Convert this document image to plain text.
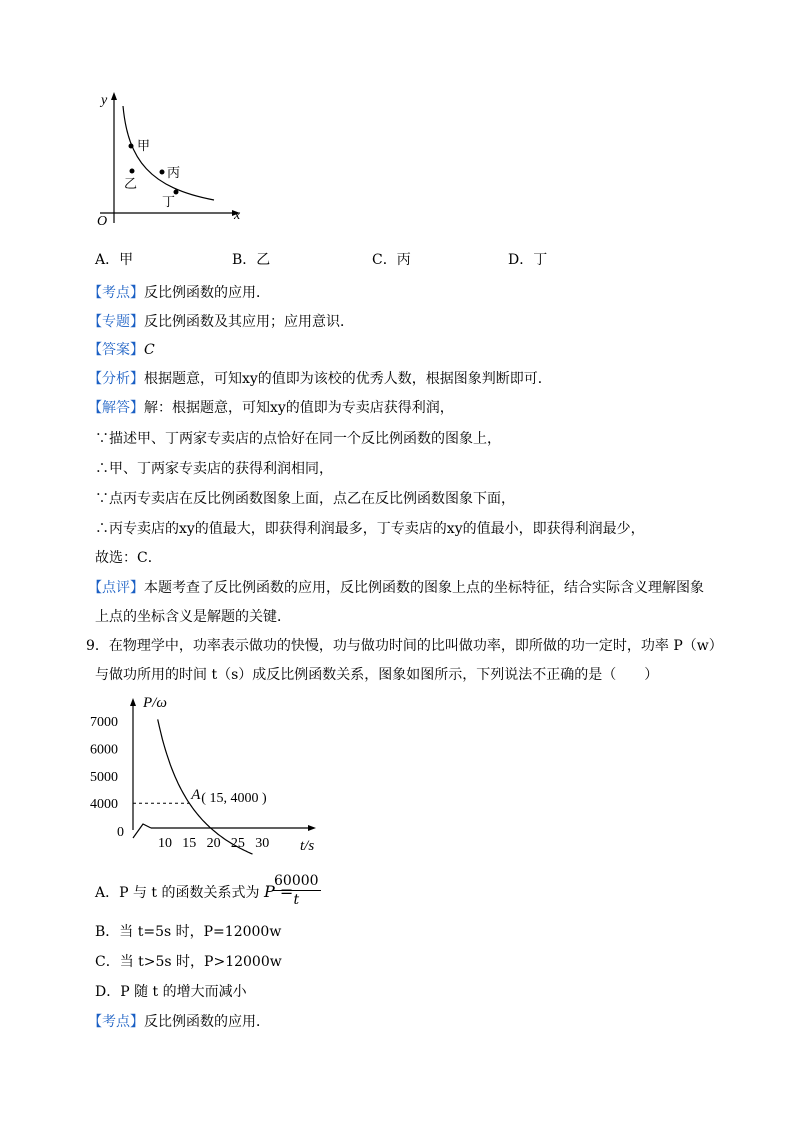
y
x
O
甲
乙
丙
丁
A．甲	B．乙	C．丙	D．丁
【考点】反比例函数的应用．
【专题】反比例函数及其应用；应用意识．
【答案】C
【分析】根据题意，可知xy的值即为该校的优秀人数，根据图象判断即可．
【解答】解：根据题意，可知xy的值即为专卖店获得利润，
∵描述甲、丁两家专卖店的点恰好在同一个反比例函数的图象上，
∴甲、丁两家专卖店的获得利润相同，
∵点丙专卖店在反比例函数图象上面，点乙在反比例函数图象下面，
∴丙专卖店的xy的值最大，即获得利润最多，丁专卖店的xy的值最小，即获得利润最少，
故选：C．
【点评】本题考查了反比例函数的应用，反比例函数的图象上点的坐标特征，结合实际含义理解图象
上点的坐标含义是解题的关键．
9．在物理学中，功率表示做功的快慢，功与做功时间的比叫做功率，即所做的功一定时，功率 P（w）
与做功所用的时间 t（s）成反比例函数关系，图象如图所示，下列说法不正确的是（　　）
P/ω
t/s
0
7000
6000
5000
4000
10 15 20 25 30
A ( 15, 4000 )
A．P 与 t 的函数关系式为 P =
$\frac{60000}{t}$
B．当 t=5s 时，P=12000w
C．当 t>5s 时，P>12000w
D．P 随 t 的增大而减小
【考点】反比例函数的应用．
